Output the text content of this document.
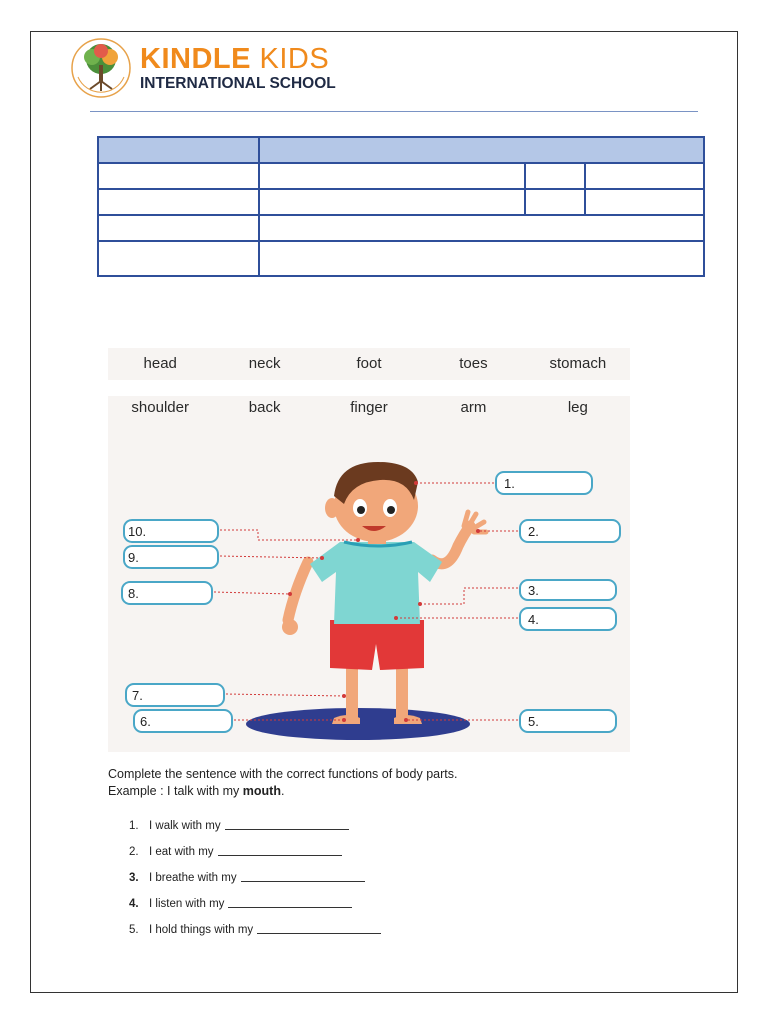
KINDLE KIDS
INTERNATIONAL SCHOOL

head	neck	foot	toes	stomach
shoulder	back	finger	arm	leg
1.
2.
3.
4.
5.
6.
7.
8.
9.
10.
Complete the sentence with the correct functions of body parts.
Example : I talk with my mouth.
1. I walk with my
2. I eat with my
3. I breathe with my
4. I listen with my
5. I hold things with my
